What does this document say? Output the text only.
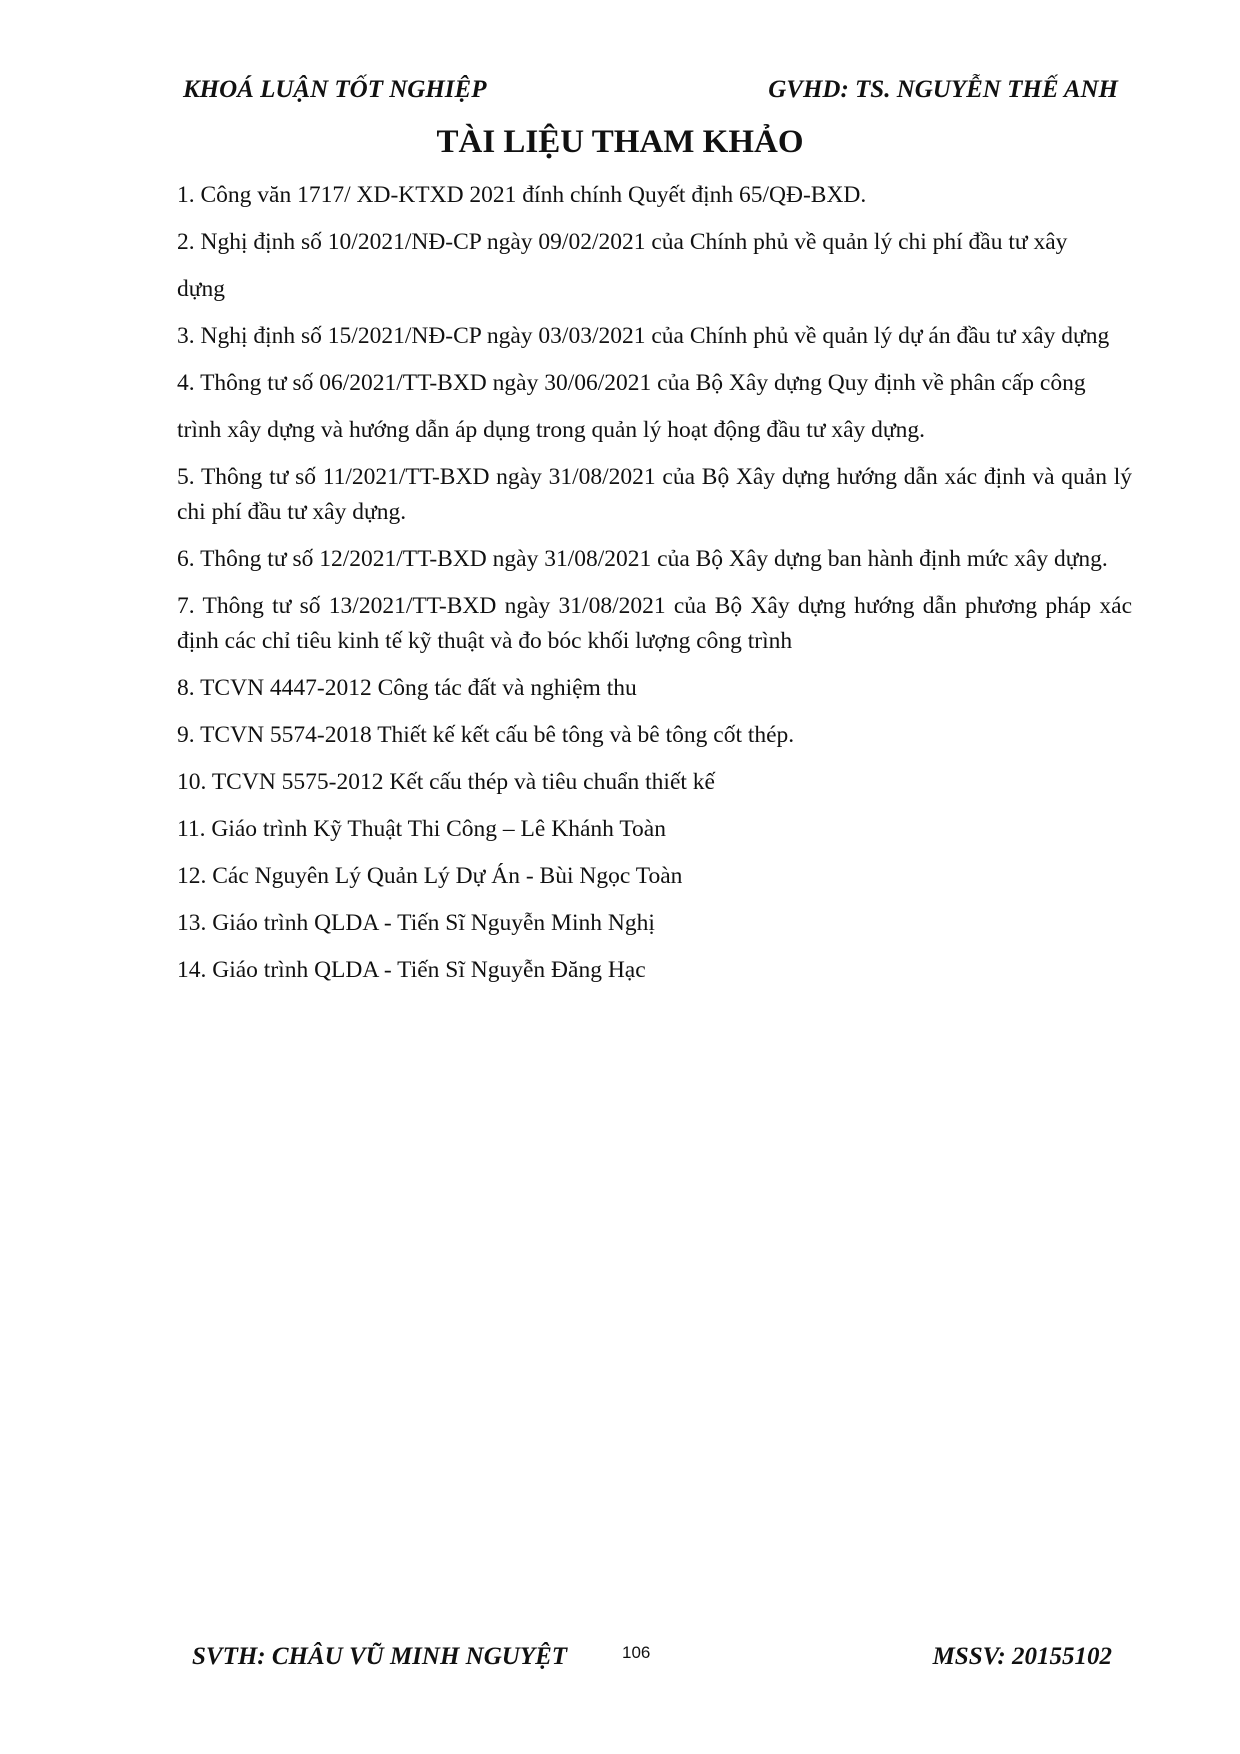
KHOÁ LUẬN TỐT NGHIỆP	GVHD: TS. NGUYỄN THẾ ANH
TÀI LIỆU THAM KHẢO
1. Công văn 1717/ XD-KTXD 2021 đính chính Quyết định 65/QĐ-BXD.
2. Nghị định số 10/2021/NĐ-CP ngày 09/02/2021 của Chính phủ về quản lý chi phí đầu tư xây
dựng
3. Nghị định số 15/2021/NĐ-CP ngày 03/03/2021 của Chính phủ về quản lý dự án đầu tư xây dựng
4. Thông tư số 06/2021/TT-BXD ngày 30/06/2021 của Bộ Xây dựng Quy định về phân cấp công
trình xây dựng và hướng dẫn áp dụng trong quản lý hoạt động đầu tư xây dựng.
5. Thông tư số 11/2021/TT-BXD ngày 31/08/2021 của Bộ Xây dựng hướng dẫn xác định và quản lý chi phí đầu tư xây dựng.
6. Thông tư số 12/2021/TT-BXD ngày 31/08/2021 của Bộ Xây dựng ban hành định mức xây dựng.
7. Thông tư số 13/2021/TT-BXD ngày 31/08/2021 của Bộ Xây dựng hướng dẫn phương pháp xác định các chỉ tiêu kinh tế kỹ thuật và đo bóc khối lượng công trình
8. TCVN 4447-2012 Công tác đất và nghiệm thu
9. TCVN 5574-2018 Thiết kế kết cấu bê tông và bê tông cốt thép.
10. TCVN 5575-2012 Kết cấu thép và tiêu chuẩn thiết kế
11. Giáo trình Kỹ Thuật Thi Công – Lê Khánh Toàn
12. Các Nguyên Lý Quản Lý Dự Án - Bùi Ngọc Toàn
13. Giáo trình QLDA - Tiến Sĩ Nguyễn Minh Nghị
14. Giáo trình QLDA - Tiến Sĩ Nguyễn Đăng Hạc
SVTH: CHÂU VŨ MINH NGUYỆT	106	MSSV: 20155102
